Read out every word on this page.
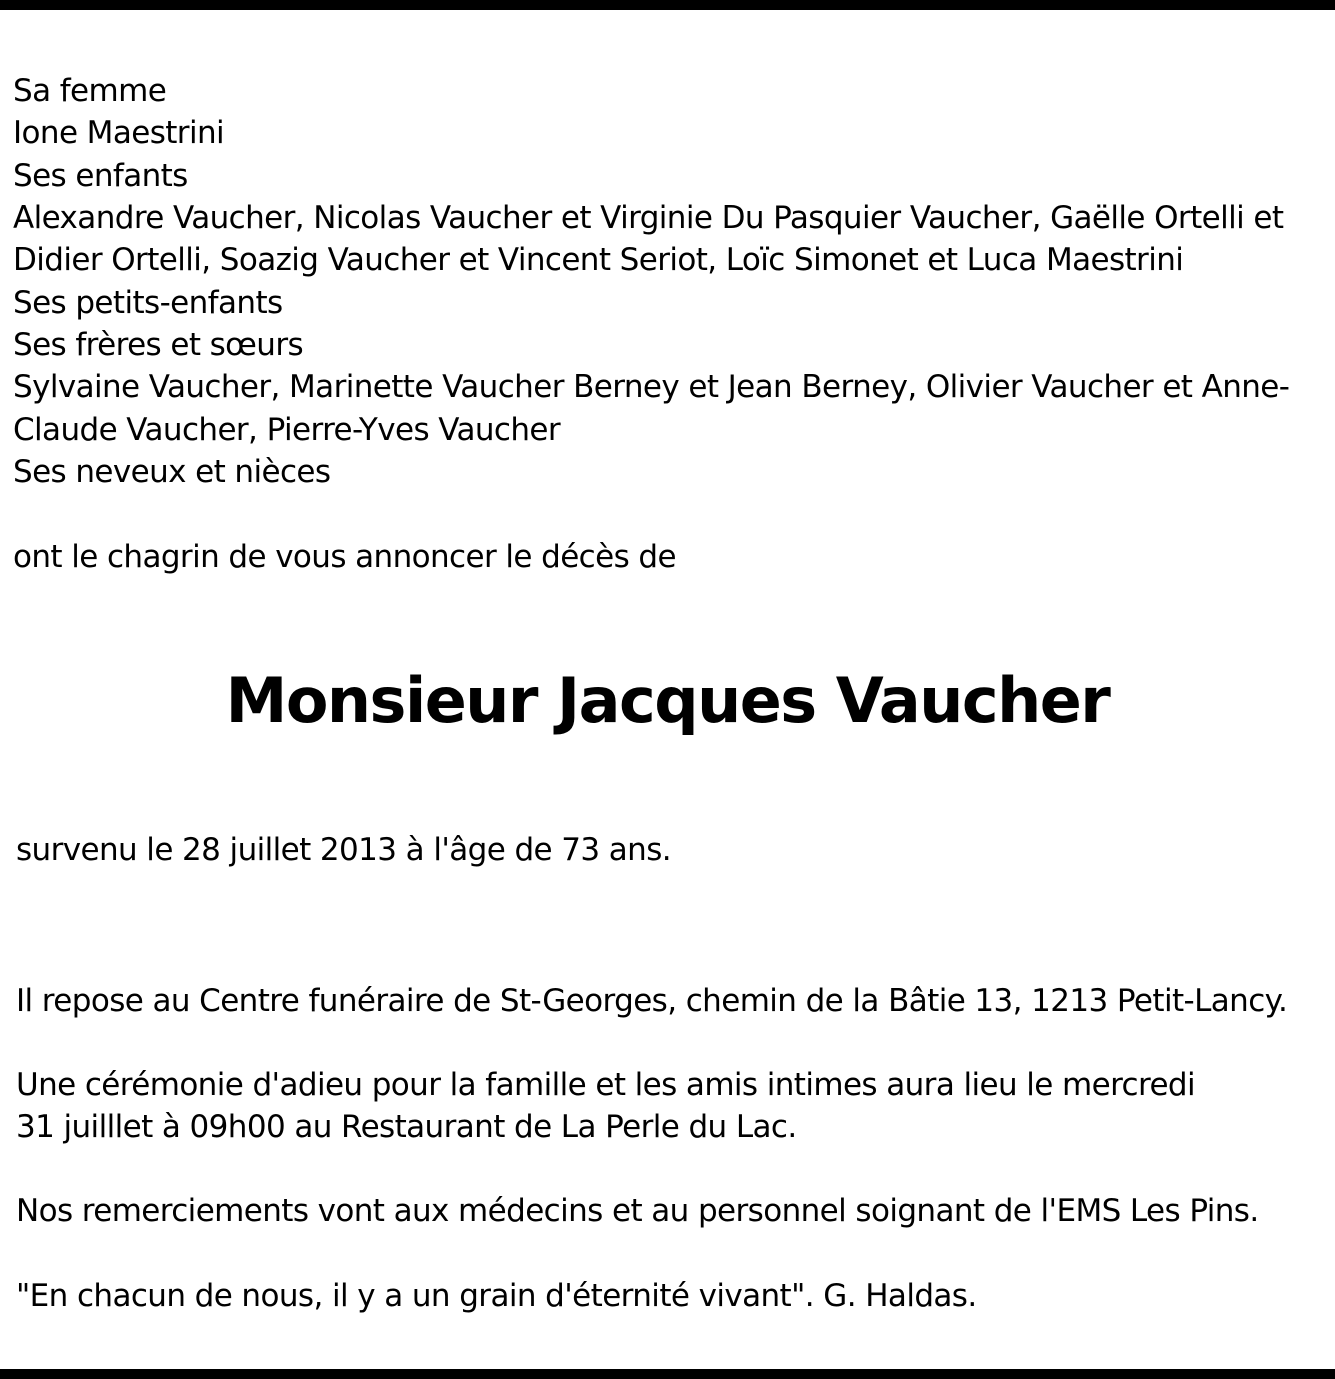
Sa femme
Ione Maestrini
Ses enfants
Alexandre Vaucher, Nicolas Vaucher et Virginie Du Pasquier Vaucher, Gaëlle Ortelli et
Didier Ortelli, Soazig Vaucher et Vincent Seriot, Loïc Simonet et Luca Maestrini
Ses petits-enfants
Ses frères et sœurs
Sylvaine Vaucher, Marinette Vaucher Berney et Jean Berney, Olivier Vaucher et Anne-
Claude Vaucher, Pierre-Yves Vaucher
Ses neveux et nièces
ont le chagrin de vous annoncer le décès de
Monsieur Jacques Vaucher
survenu le 28 juillet 2013 à l'âge de 73 ans.
Il repose au Centre funéraire de St-Georges, chemin de la Bâtie 13, 1213 Petit-Lancy.
Une cérémonie d'adieu pour la famille et les amis intimes aura lieu le mercredi
31 juilllet à 09h00 au Restaurant de La Perle du Lac.
Nos remerciements vont aux médecins et au personnel soignant de l'EMS Les Pins.
"En chacun de nous, il y a un grain d'éternité vivant". G. Haldas.
